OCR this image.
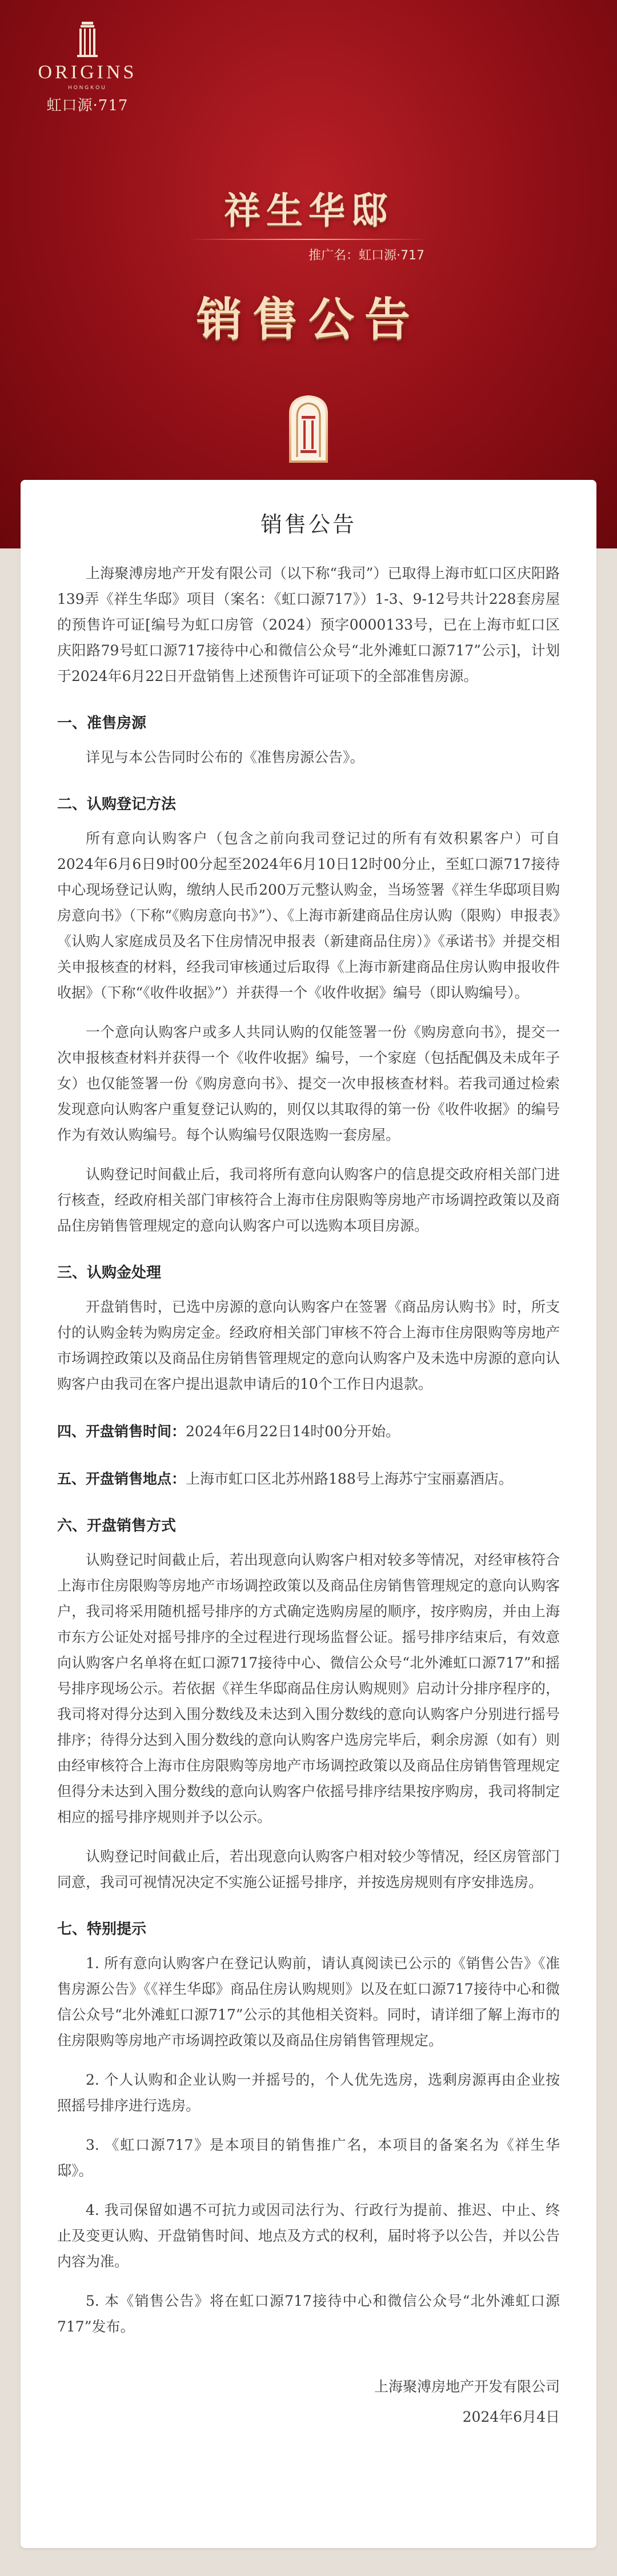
ORIGINS
HONGKOU
虹口源·717
祥生华邸
推广名：虹口源·717
销售公告
销售公告
上海聚溥房地产开发有限公司（以下称“我司”）已取得上海市虹口区庆阳路139弄《祥生华邸》项目（案名：《虹口源717》）1-3、9-12号共计228套房屋的预售许可证[编号为虹口房管（2024）预字0000133号，已在上海市虹口区庆阳路79号虹口源717接待中心和微信公众号“北外滩虹口源717”公示]，计划于2024年6月22日开盘销售上述预售许可证项下的全部准售房源。
一、准售房源
详见与本公告同时公布的《准售房源公告》。
二、认购登记方法
所有意向认购客户（包含之前向我司登记过的所有有效积累客户）可自2024年6月6日9时00分起至2024年6月10日12时00分止，至虹口源717接待中心现场登记认购，缴纳人民币200万元整认购金，当场签署《祥生华邸项目购房意向书》（下称“《购房意向书》”）、《上海市新建商品住房认购（限购）申报表》《认购人家庭成员及名下住房情况申报表（新建商品住房）》《承诺书》并提交相关申报核查的材料，经我司审核通过后取得《上海市新建商品住房认购申报收件收据》（下称“《收件收据》”）并获得一个《收件收据》编号（即认购编号）。
一个意向认购客户或多人共同认购的仅能签署一份《购房意向书》，提交一次申报核查材料并获得一个《收件收据》编号，一个家庭（包括配偶及未成年子女）也仅能签署一份《购房意向书》、提交一次申报核查材料。若我司通过检索发现意向认购客户重复登记认购的，则仅以其取得的第一份《收件收据》的编号作为有效认购编号。每个认购编号仅限选购一套房屋。
认购登记时间截止后，我司将所有意向认购客户的信息提交政府相关部门进行核查，经政府相关部门审核符合上海市住房限购等房地产市场调控政策以及商品住房销售管理规定的意向认购客户可以选购本项目房源。
三、认购金处理
开盘销售时，已选中房源的意向认购客户在签署《商品房认购书》时，所支付的认购金转为购房定金。经政府相关部门审核不符合上海市住房限购等房地产市场调控政策以及商品住房销售管理规定的意向认购客户及未选中房源的意向认购客户由我司在客户提出退款申请后的10个工作日内退款。
四、开盘销售时间：2024年6月22日14时00分开始。
五、开盘销售地点：上海市虹口区北苏州路188号上海苏宁宝丽嘉酒店。
六、开盘销售方式
认购登记时间截止后，若出现意向认购客户相对较多等情况，对经审核符合上海市住房限购等房地产市场调控政策以及商品住房销售管理规定的意向认购客户，我司将采用随机摇号排序的方式确定选购房屋的顺序，按序购房，并由上海市东方公证处对摇号排序的全过程进行现场监督公证。摇号排序结束后，有效意向认购客户名单将在虹口源717接待中心、微信公众号“北外滩虹口源717”和摇号排序现场公示。若依据《祥生华邸商品住房认购规则》启动计分排序程序的，我司将对得分达到入围分数线及未达到入围分数线的意向认购客户分别进行摇号排序；待得分达到入围分数线的意向认购客户选房完毕后，剩余房源（如有）则由经审核符合上海市住房限购等房地产市场调控政策以及商品住房销售管理规定但得分未达到入围分数线的意向认购客户依摇号排序结果按序购房，我司将制定相应的摇号排序规则并予以公示。
认购登记时间截止后，若出现意向认购客户相对较少等情况，经区房管部门同意，我司可视情况决定不实施公证摇号排序，并按选房规则有序安排选房。
七、特别提示
1. 所有意向认购客户在登记认购前，请认真阅读已公示的《销售公告》《准售房源公告》《《祥生华邸》商品住房认购规则》以及在虹口源717接待中心和微信公众号“北外滩虹口源717”公示的其他相关资料。同时，请详细了解上海市的住房限购等房地产市场调控政策以及商品住房销售管理规定。
2. 个人认购和企业认购一并摇号的，个人优先选房，选剩房源再由企业按照摇号排序进行选房。
3. 《虹口源717》是本项目的销售推广名，本项目的备案名为《祥生华邸》。
4. 我司保留如遇不可抗力或因司法行为、行政行为提前、推迟、中止、终止及变更认购、开盘销售时间、地点及方式的权利，届时将予以公告，并以公告内容为准。
5. 本《销售公告》将在虹口源717接待中心和微信公众号“北外滩虹口源717”发布。
上海聚溥房地产开发有限公司
2024年6月4日
